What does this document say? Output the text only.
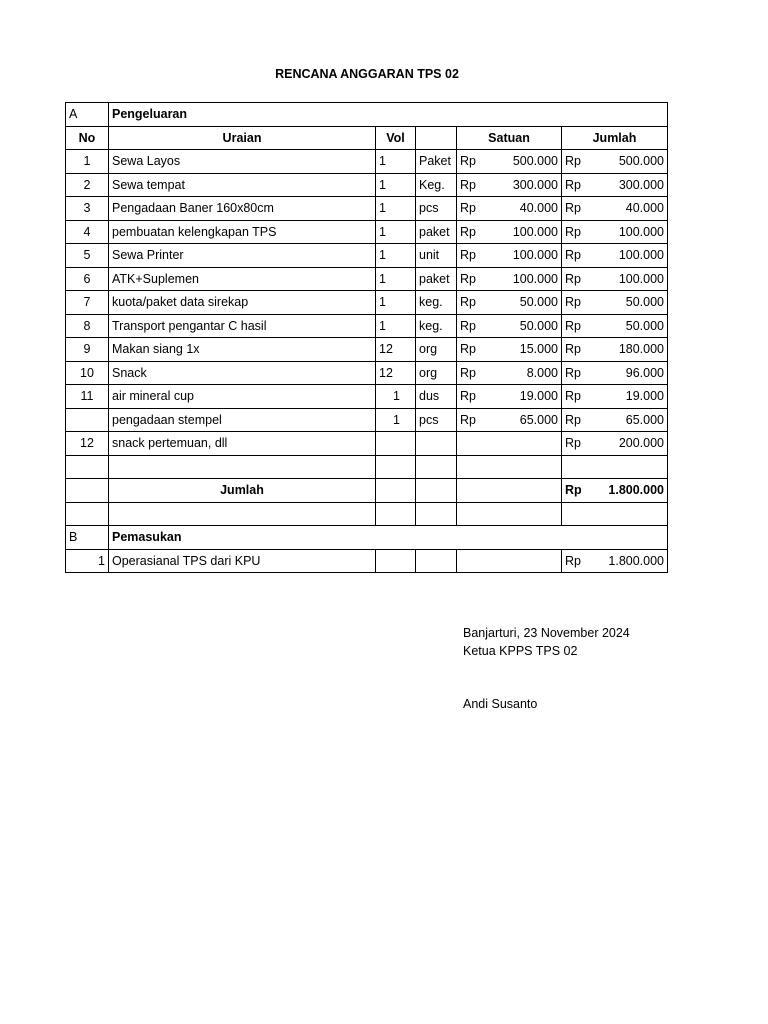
RENCANA ANGGARAN TPS 02
A	Pengeluaran				
No	Uraian	Vol		Satuan	Jumlah
1	Sewa Layos	1	Paket	Rp 500.000	Rp 500.000

2	Sewa tempat	1	Keg.	Rp 300.000	Rp 300.000

3	Pengadaan Baner 160x80cm	1	pcs	Rp 40.000	Rp 40.000

4	pembuatan kelengkapan TPS	1	paket	Rp 100.000	Rp 100.000

5	Sewa Printer	1	unit	Rp 100.000	Rp 100.000

6	ATK+Suplemen	1	paket	Rp 100.000	Rp 100.000

7	kuota/paket data sirekap	1	keg.	Rp 50.000	Rp 50.000

8	Transport pengantar C hasil	1	keg.	Rp 50.000	Rp 50.000

9	Makan siang 1x	12	org	Rp 15.000	Rp 180.000

10	Snack	12	org	Rp 8.000	Rp 96.000

11	air mineral cup	1	dus	Rp 19.000	Rp 19.000

	pengadaan stempel	1	pcs	Rp 65.000	Rp 65.000

12	snack pertemuan, dll				Rp 200.000

	Jumlah				Rp 1.800.000

B	Pemasukan				
1	Operasianal TPS dari KPU				Rp 1.800.000
Banjarturi, 23 November 2024
Ketua KPPS TPS 02
Andi Susanto
